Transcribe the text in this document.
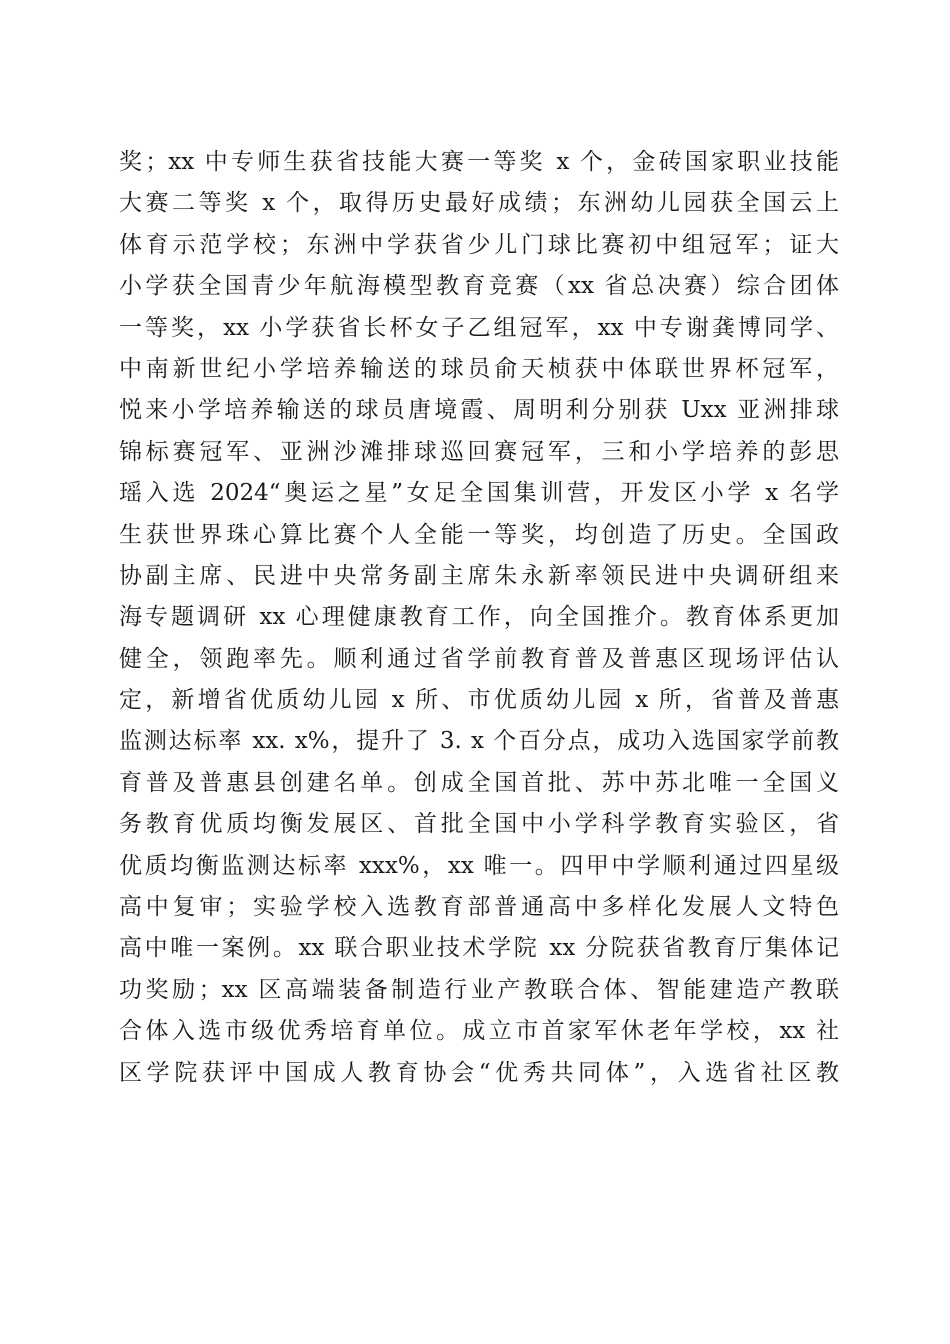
奖；xx 中专师生获省技能大赛一等奖 x 个，金砖国家职业技能
大赛二等奖 x 个，取得历史最好成绩；东洲幼儿园获全国云上
体育示范学校；东洲中学获省少儿门球比赛初中组冠军；证大
小学获全国青少年航海模型教育竞赛（xx 省总决赛）综合团体
一等奖，xx 小学获省长杯女子乙组冠军，xx 中专谢龚博同学、
中南新世纪小学培养输送的球员俞天桢获中体联世界杯冠军，
悦来小学培养输送的球员唐境霞、周明利分别获 Uxx 亚洲排球
锦标赛冠军、亚洲沙滩排球巡回赛冠军，三和小学培养的彭思
瑶入选 2024“奥运之星”女足全国集训营，开发区小学 x 名学
生获世界珠心算比赛个人全能一等奖，均创造了历史。全国政
协副主席、民进中央常务副主席朱永新率领民进中央调研组来
海专题调研 xx 心理健康教育工作，向全国推介。教育体系更加
健全，领跑率先。顺利通过省学前教育普及普惠区现场评估认
定，新增省优质幼儿园 x 所、市优质幼儿园 x 所，省普及普惠
监测达标率 xx. x%，提升了 3. x 个百分点，成功入选国家学前教
育普及普惠县创建名单。创成全国首批、苏中苏北唯一全国义
务教育优质均衡发展区、首批全国中小学科学教育实验区，省
优质均衡监测达标率 xxx%，xx 唯一。四甲中学顺利通过四星级
高中复审；实验学校入选教育部普通高中多样化发展人文特色
高中唯一案例。xx 联合职业技术学院 xx 分院获省教育厅集体记
功奖励；xx 区高端装备制造行业产教联合体、智能建造产教联
合体入选市级优秀培育单位。成立市首家军休老年学校，xx 社
区学院获评中国成人教育协会“优秀共同体”，入选省社区教
